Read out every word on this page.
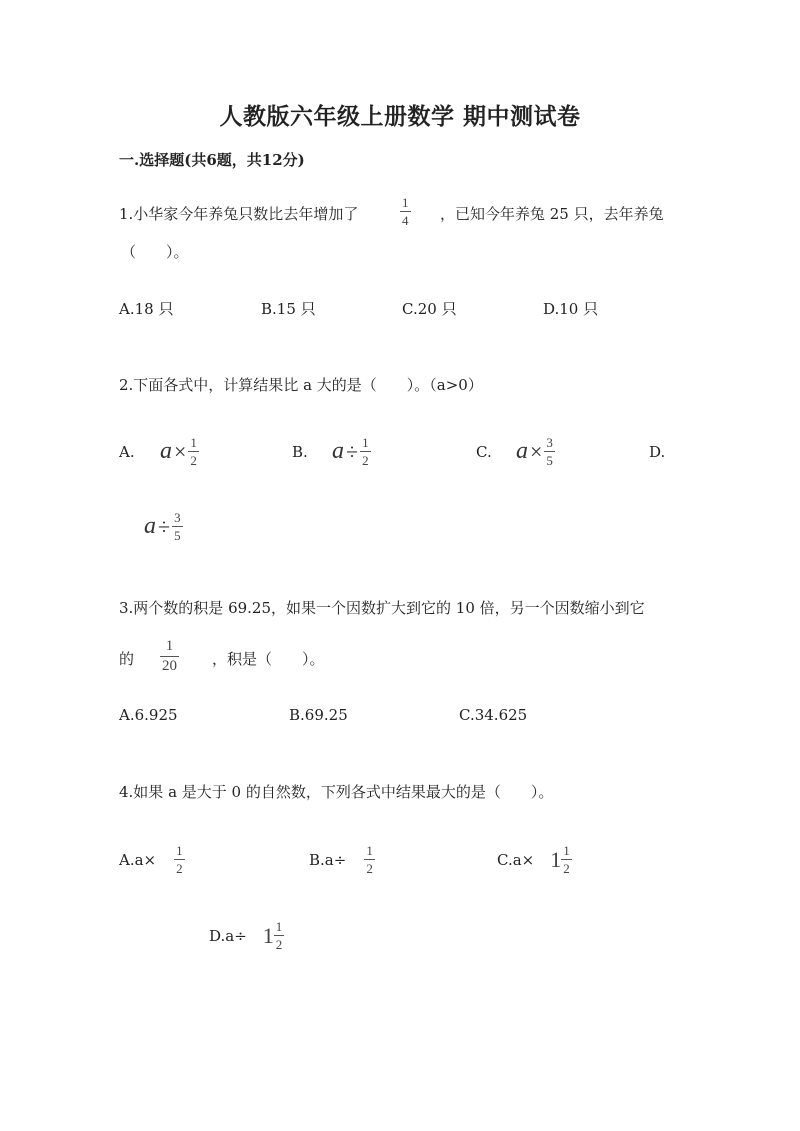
人教版六年级上册数学 期中测试卷
一.选择题(共6题，共12分)
1.小华家今年养兔只数比去年增加了	$\frac{1}{4}$ ，已知今年养兔 25 只，去年养兔
（　　）。
A.18 只	B.15 只	C.20 只	D.10 只
2.下面各式中，计算结果比 a 大的是（　　）。（a>0）
A. $a \times \frac{1}{2}$	B. $a \div \frac{1}{2}$	C. $a \times \frac{3}{5}$	D.
$a \div \frac{3}{5}$
3.两个数的积是 69.25，如果一个因数扩大到它的 10 倍，另一个因数缩小到它
的 $\frac{1}{20}$ ，积是（　　）。
A.6.925	B.69.25	C.34.625
4.如果 a 是大于 0 的自然数，下列各式中结果最大的是（　　）。
$A.a\times \frac{1}{2}$	$B.a\div \frac{1}{2}$	$C.a\times 1 \frac{1}{2}$
$D.a\div 1 \frac{1}{2}$
